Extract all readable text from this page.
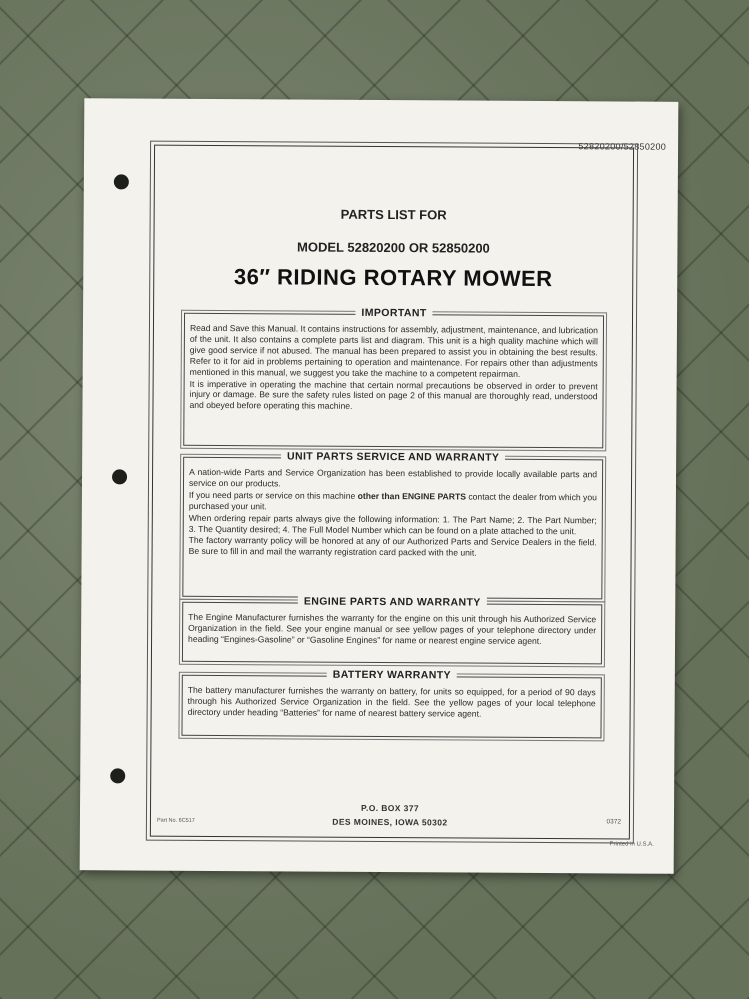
52820200/52850200
PARTS LIST FOR
MODEL 52820200 OR 52850200
36″ RIDING ROTARY MOWER
IMPORTANT

Read and Save this Manual. It contains instructions for assembly, adjustment, maintenance, and lubrication of the unit. It also contains a complete parts list and diagram. This unit is a high quality machine which will give good service if not abused. The manual has been prepared to assist you in obtaining the best results. Refer to it for aid in problems pertaining to operation and maintenance. For repairs other than adjustments mentioned in this manual, we suggest you take the machine to a competent repairman.

It is imperative in operating the machine that certain normal precautions be observed in order to prevent injury or damage. Be sure the safety rules listed on page 2 of this manual are thoroughly read, understood and obeyed before operating this machine.

UNIT PARTS SERVICE AND WARRANTY

A nation-wide Parts and Service Organization has been established to provide locally available parts and service on our products.

If you need parts or service on this machine other than ENGINE PARTS contact the dealer from which you purchased your unit.

When ordering repair parts always give the following information: 1. The Part Name; 2. The Part Number; 3. The Quantity desired; 4. The Full Model Number which can be found on a plate attached to the unit.

The factory warranty policy will be honored at any of our Authorized Parts and Service Dealers in the field. Be sure to fill in and mail the warranty registration card packed with the unit.

ENGINE PARTS AND WARRANTY

The Engine Manufacturer furnishes the warranty for the engine on this unit through his Authorized Service Organization in the field. See your engine manual or see yellow pages of your telephone directory under heading “Engines-Gasoline” or “Gasoline Engines” for name or nearest engine service agent.

BATTERY WARRANTY

The battery manufacturer furnishes the warranty on battery, for units so equipped, for a period of 90 days through his Authorized Service Organization in the field. See the yellow pages of your local telephone directory under heading “Batteries” for name of nearest battery service agent.

P.O. BOX 377
DES MOINES, IOWA 50302
Part No. 6C517	0372
Printed in U.S.A.
